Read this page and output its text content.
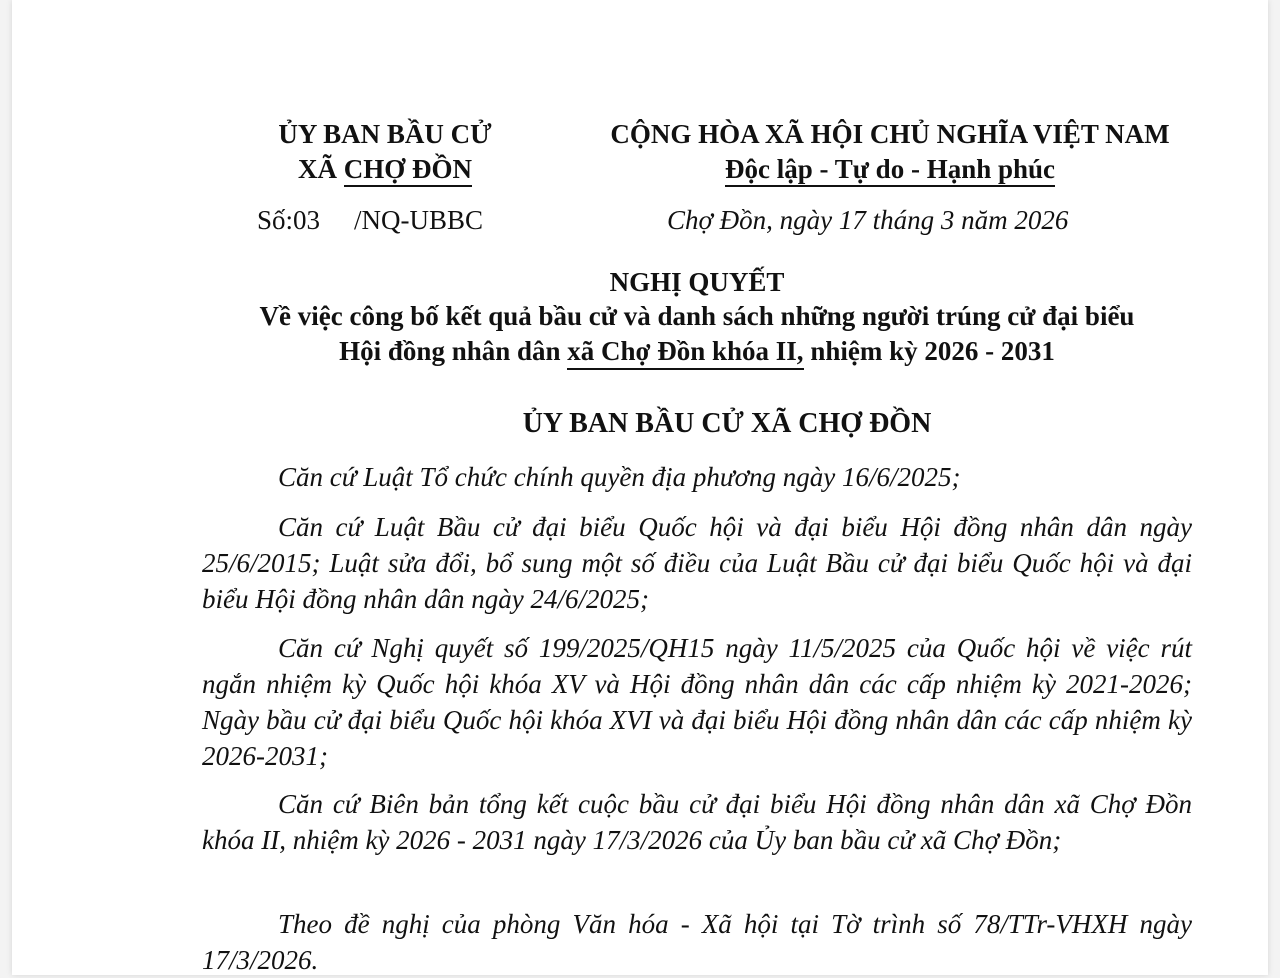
ỦY BAN BẦU CỬ
XÃ CHỢ ĐỒN
CỘNG HÒA XÃ HỘI CHỦ NGHĨA VIỆT NAM
Độc lập - Tự do - Hạnh phúc
Số:03 /NQ-UBBC	Chợ Đồn, ngày 17 tháng 3 năm 2026
NGHỊ QUYẾT
Về việc công bố kết quả bầu cử và danh sách những người trúng cử đại biểu
Hội đồng nhân dân xã Chợ Đồn khóa II, nhiệm kỳ 2026 - 2031
ỦY BAN BẦU CỬ XÃ CHỢ ĐỒN
Căn cứ Luật Tổ chức chính quyền địa phương ngày 16/6/2025;
Căn cứ Luật Bầu cử đại biểu Quốc hội và đại biểu Hội đồng nhân dân ngày 25/6/2015; Luật sửa đổi, bổ sung một số điều của Luật Bầu cử đại biểu Quốc hội và đại biểu Hội đồng nhân dân ngày 24/6/2025;
Căn cứ Nghị quyết số 199/2025/QH15 ngày 11/5/2025 của Quốc hội về việc rút ngắn nhiệm kỳ Quốc hội khóa XV và Hội đồng nhân dân các cấp nhiệm kỳ 2021-2026; Ngày bầu cử đại biểu Quốc hội khóa XVI và đại biểu Hội đồng nhân dân các cấp nhiệm kỳ 2026-2031;
Căn cứ Biên bản tổng kết cuộc bầu cử đại biểu Hội đồng nhân dân xã Chợ Đồn khóa II, nhiệm kỳ 2026 - 2031 ngày 17/3/2026 của Ủy ban bầu cử xã Chợ Đồn;
Theo đề nghị của phòng Văn hóa - Xã hội tại Tờ trình số 78/TTr-VHXH ngày 17/3/2026.
